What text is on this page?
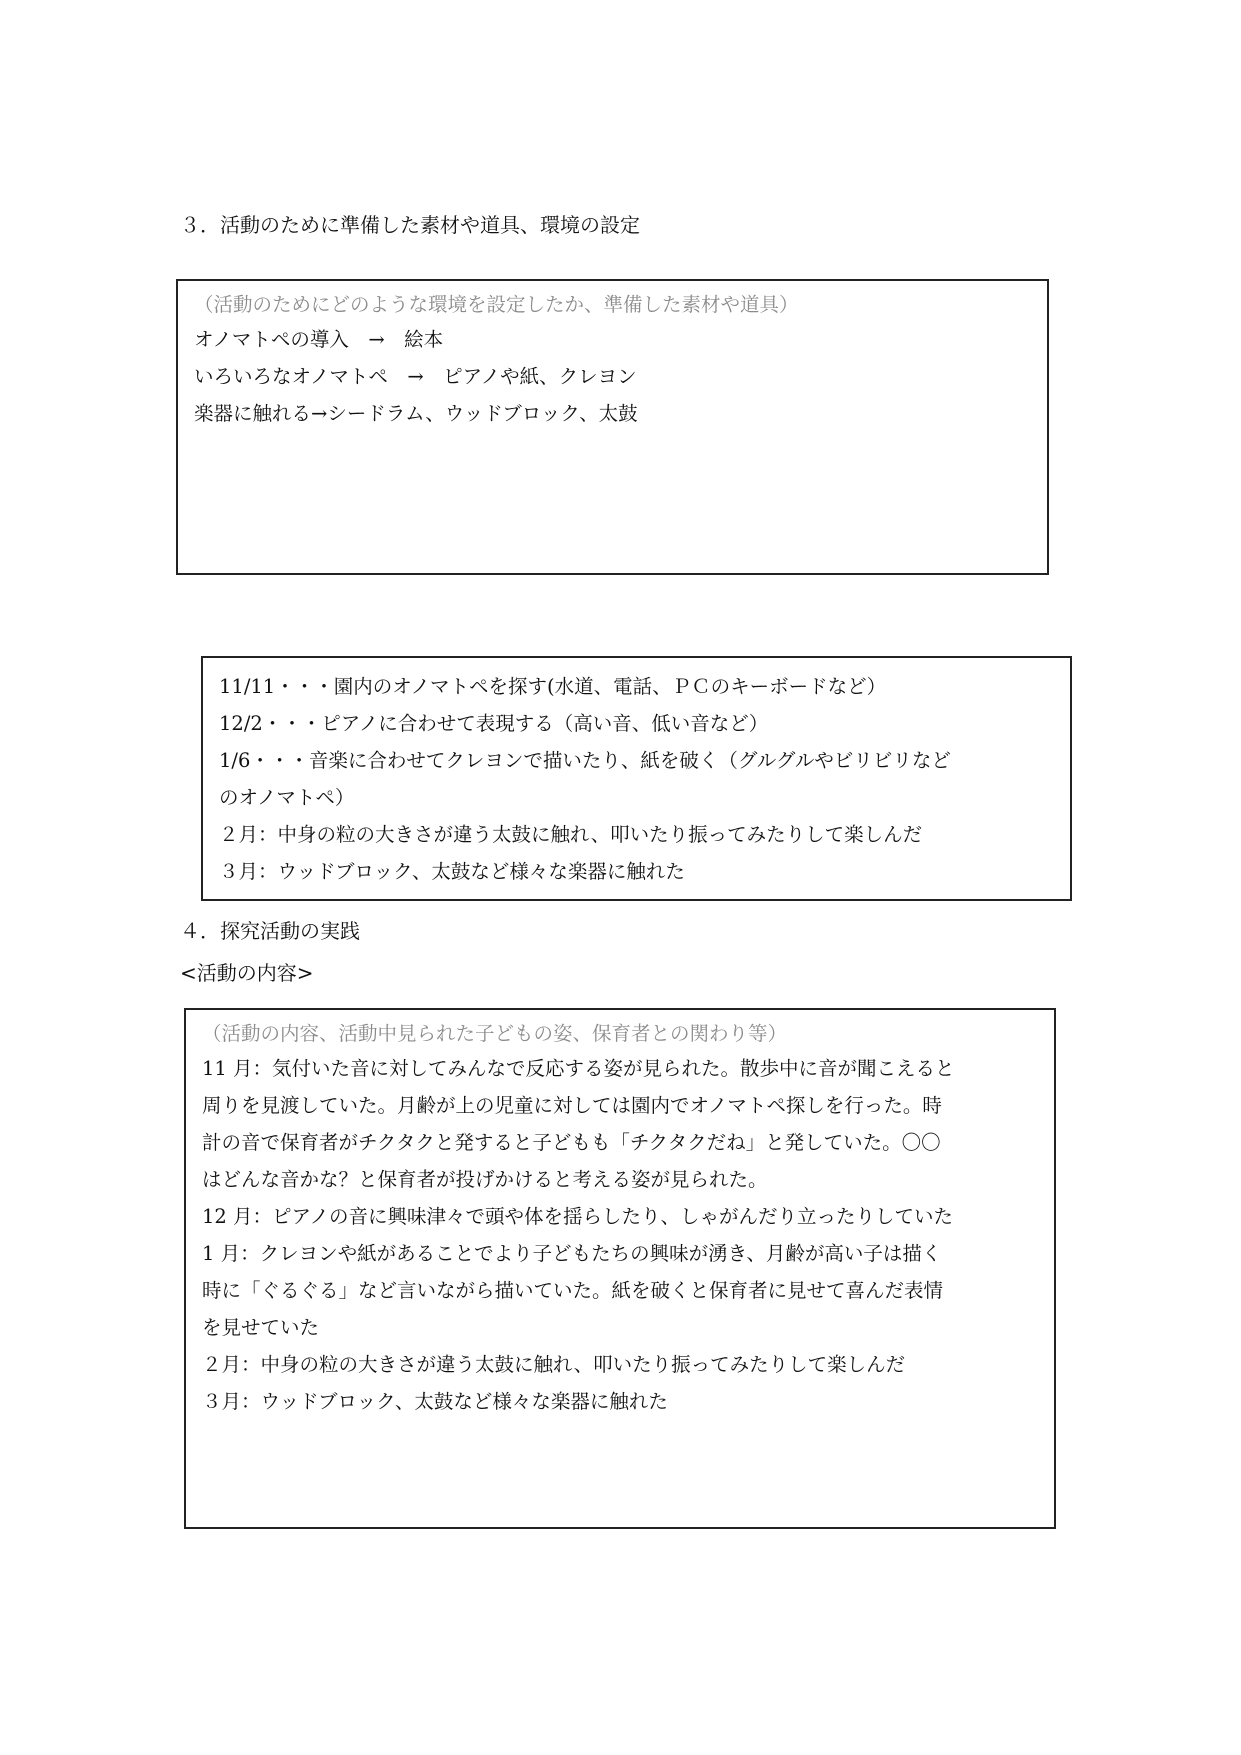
３．活動のために準備した素材や道具、環境の設定
（活動のためにどのような環境を設定したか、準備した素材や道具）
オノマトペの導入　→　絵本
いろいろなオノマトペ　→　ピアノや紙、クレヨン
楽器に触れる→シードラム、ウッドブロック、太鼓
11/11・・・園内のオノマトペを探す(水道、電話、ＰＣのキーボードなど）
12/2・・・ピアノに合わせて表現する（高い音、低い音など）
1/6・・・音楽に合わせてクレヨンで描いたり、紙を破く（グルグルやビリビリなど
のオノマトペ）
２月：中身の粒の大きさが違う太鼓に触れ、叩いたり振ってみたりして楽しんだ
３月：ウッドブロック、太鼓など様々な楽器に触れた
４．探究活動の実践
<活動の内容>
（活動の内容、活動中見られた子どもの姿、保育者との関わり等）
11 月：気付いた音に対してみんなで反応する姿が見られた。散歩中に音が聞こえると
周りを見渡していた。月齢が上の児童に対しては園内でオノマトペ探しを行った。時
計の音で保育者がチクタクと発すると子どもも「チクタクだね」と発していた。〇〇
はどんな音かな？と保育者が投げかけると考える姿が見られた。
12 月：ピアノの音に興味津々で頭や体を揺らしたり、しゃがんだり立ったりしていた
1 月：クレヨンや紙があることでより子どもたちの興味が湧き、月齢が高い子は描く
時に「ぐるぐる」など言いながら描いていた。紙を破くと保育者に見せて喜んだ表情
を見せていた
２月：中身の粒の大きさが違う太鼓に触れ、叩いたり振ってみたりして楽しんだ
３月：ウッドブロック、太鼓など様々な楽器に触れた
